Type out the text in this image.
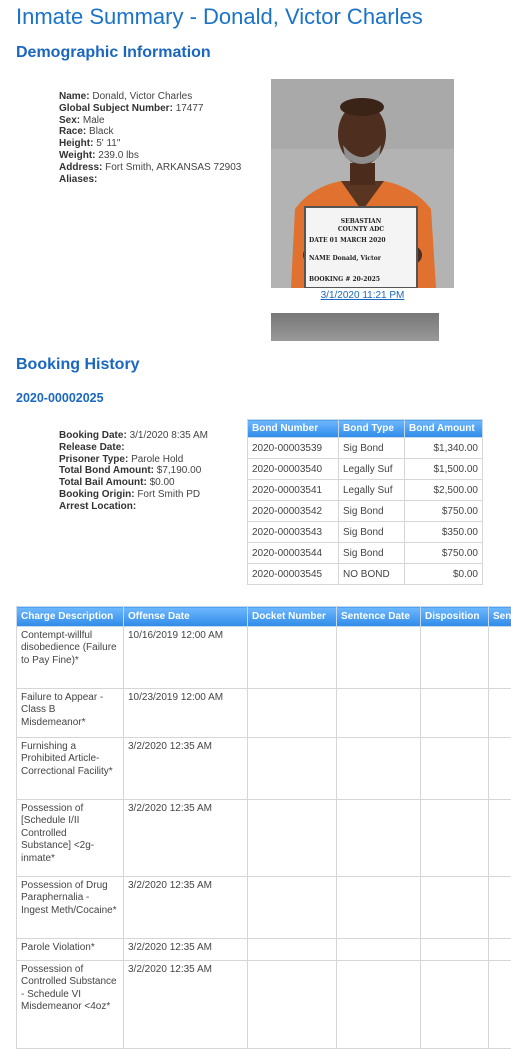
Inmate Summary - Donald, Victor Charles
Demographic Information
Name: Donald, Victor Charles
Global Subject Number: 17477
Sex: Male
Race: Black
Height: 5' 11"
Weight: 239.0 lbs
Address: Fort Smith, ARKANSAS 72903
Aliases:
SEBASTIAN
COUNTY ADC
DATE 01 MARCH 2020
NAME Donald, Victor
BOOKING # 20-2025
3/1/2020 11:21 PM
Booking History
2020-00002025
Booking Date: 3/1/2020 8:35 AM
Release Date:
Prisoner Type: Parole Hold
Total Bond Amount: $7,190.00
Total Bail Amount: $0.00
Booking Origin: Fort Smith PD
Arrest Location:
Bond Number	Bond Type	Bond Amount
2020-00003539	Sig Bond	$1,340.00
2020-00003540	Legally Suf	$1,500.00
2020-00003541	Legally Suf	$2,500.00
2020-00003542	Sig Bond	$750.00
2020-00003543	Sig Bond	$350.00
2020-00003544	Sig Bond	$750.00
2020-00003545	NO BOND	$0.00
Charge Description	Offense Date	Docket Number	Sentence Date	Disposition	Sen
Contempt-willful disobedience (Failure to Pay Fine)*	10/16/2019 12:00 AM				
Failure to Appear - Class B Misdemeanor*	10/23/2019 12:00 AM				
Furnishing a Prohibited Article-Correctional Facility*	3/2/2020 12:35 AM				
Possession of [Schedule I/II Controlled Substance] <2g- inmate*	3/2/2020 12:35 AM				
Possession of Drug Paraphernalia - Ingest Meth/Cocaine*	3/2/2020 12:35 AM				
Parole Violation*	3/2/2020 12:35 AM				
Possession of Controlled Substance - Schedule VI Misdemeanor <4oz*	3/2/2020 12:35 AM				
